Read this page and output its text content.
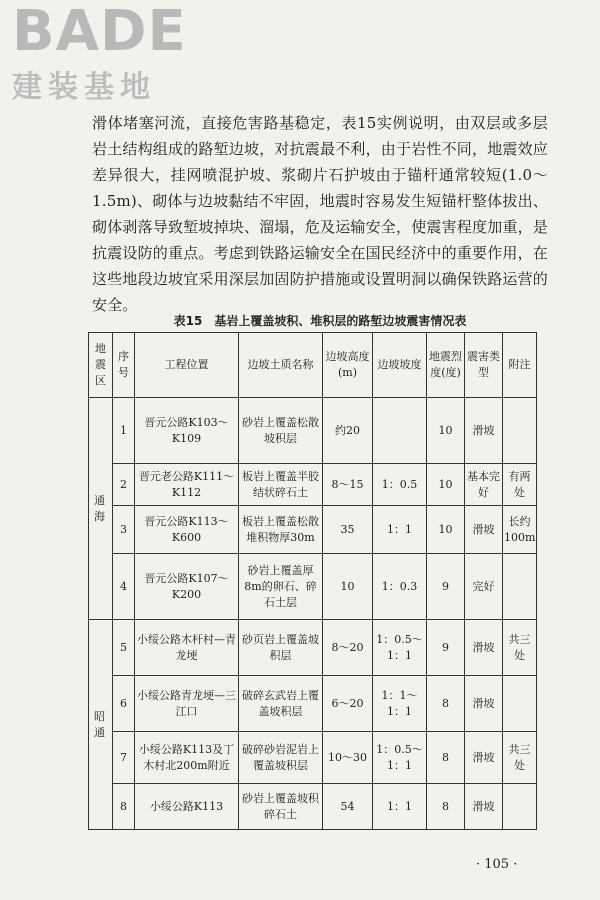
BADE
建装基地

滑体堵塞河流，直接危害路基稳定，表15实例说明，由双层或多层岩土结构组成的路堑边坡，对抗震最不利，由于岩性不同，地震效应差异很大，挂网喷混护坡、浆砌片石护坡由于锚杆通常较短(1.0～1.5m)、砌体与边坡黏结不牢固，地震时容易发生短锚杆整体拔出、砌体剥落导致堑坡掉块、溜塌，危及运输安全，使震害程度加重，是抗震设防的重点。考虑到铁路运输安全在国民经济中的重要作用，在这些地段边坡宜采用深层加固防护措施或设置明洞以确保铁路运营的安全。

表15　基岩上覆盖坡积、堆积层的路堑边坡震害情况表
地震区	序号	工程位置	边坡土质名称	边坡高度(m)	边坡坡度	地震烈度(度)	震害类型	附注
通海	1	晋元公路K103～K109	砂岩上覆盖松散坡积层	约20		10	滑坡	
	2	晋元老公路K111～K112	板岩上覆盖半胶结状碎石土	8～15	1：0.5	10	基本完好	有两处
	3	晋元公路K113～K600	板岩上覆盖松散堆积物厚30m	35	1：1	10	滑坡	长约100m
	4	晋元公路K107～K200	砂岩上覆盖厚8m的卵石、碎石土层	10	1：0.3	9	完好	
昭通	5	小绥公路木杆村—青龙埂	砂页岩上覆盖坡积层	8～20	1：0.5～1：1	9	滑坡	共三处
	6	小绥公路青龙埂—三江口	破碎玄武岩上覆盖坡积层	6～20	1：1～1：1	8	滑坡	
	7	小绥公路K113及丁木村北200m附近	破碎砂岩泥岩上覆盖坡积层	10～30	1：0.5～1：1	8	滑坡	共三处
	8	小绥公路K113	砂岩上覆盖坡积碎石土	54	1：1	8	滑坡	
· 105 ·
